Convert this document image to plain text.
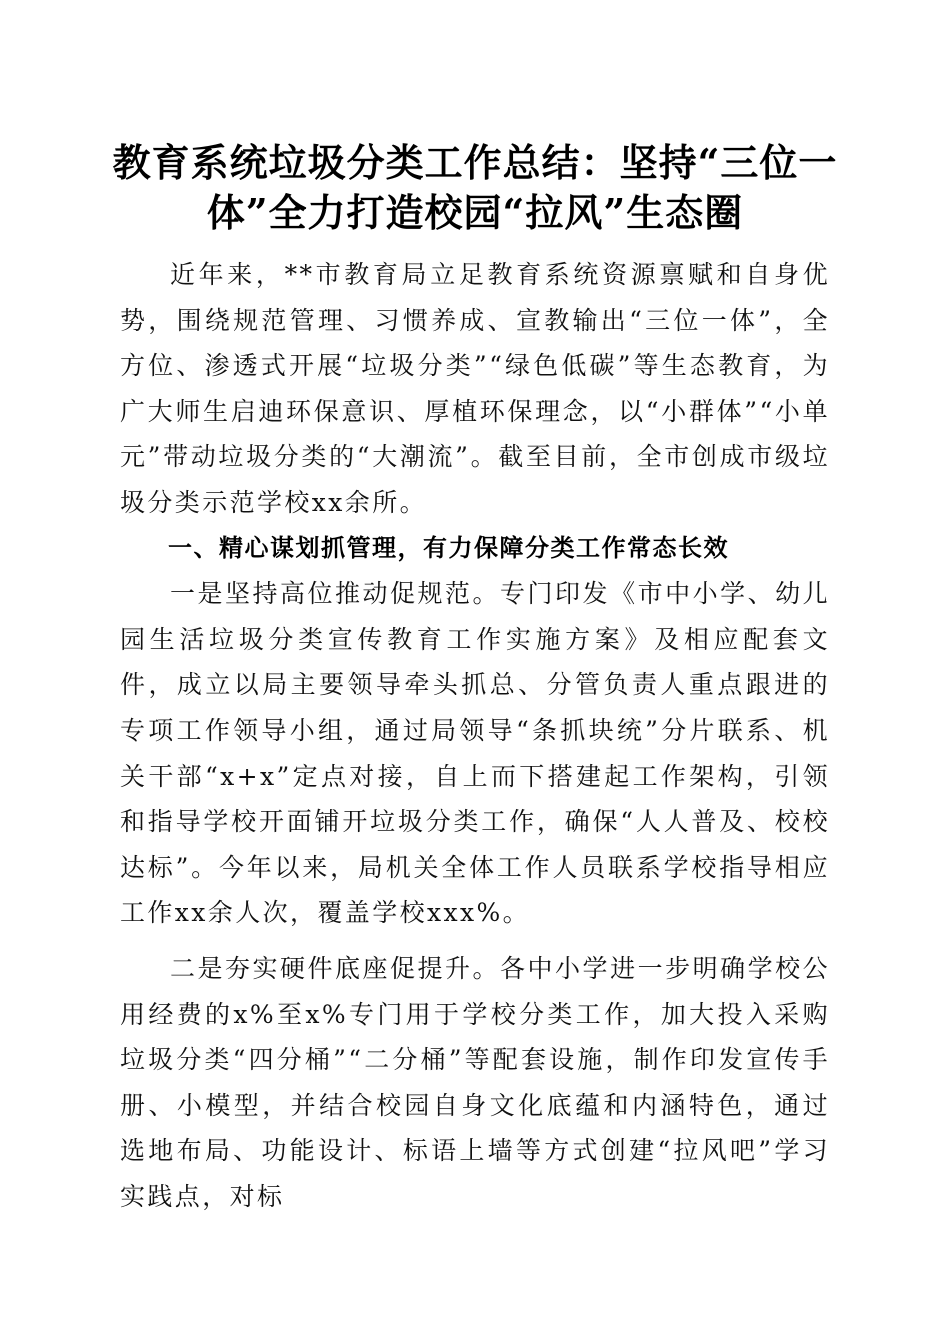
教育系统垃圾分类工作总结：坚持“三位一
体”全力打造校园“拉风”生态圈

近年来，**市教育局立足教育系统资源禀赋和自身优势，围绕规范管理、习惯养成、宣教输出“三位一体”，全方位、渗透式开展“垃圾分类”“绿色低碳”等生态教育，为广大师生启迪环保意识、厚植环保理念，以“小群体”“小单元”带动垃圾分类的“大潮流”。截至目前，全市创成市级垃圾分类示范学校xx余所。

一、精心谋划抓管理，有力保障分类工作常态长效

一是坚持高位推动促规范。专门印发《市中小学、幼儿园生活垃圾分类宣传教育工作实施方案》及相应配套文件，成立以局主要领导牵头抓总、分管负责人重点跟进的专项工作领导小组，通过局领导“条抓块统”分片联系、机关干部“x+x”定点对接，自上而下搭建起工作架构，引领和指导学校开面铺开垃圾分类工作，确保“人人普及、校校达标”。今年以来，局机关全体工作人员联系学校指导相应工作xx余人次，覆盖学校xxx%。

二是夯实硬件底座促提升。各中小学进一步明确学校公用经费的x%至x%专门用于学校分类工作，加大投入采购垃圾分类“四分桶”“二分桶”等配套设施，制作印发宣传手册、小模型，并结合校园自身文化底蕴和内涵特色，通过选地布局、功能设计、标语上墙等方式创建“拉风吧”学习实践点，对标
